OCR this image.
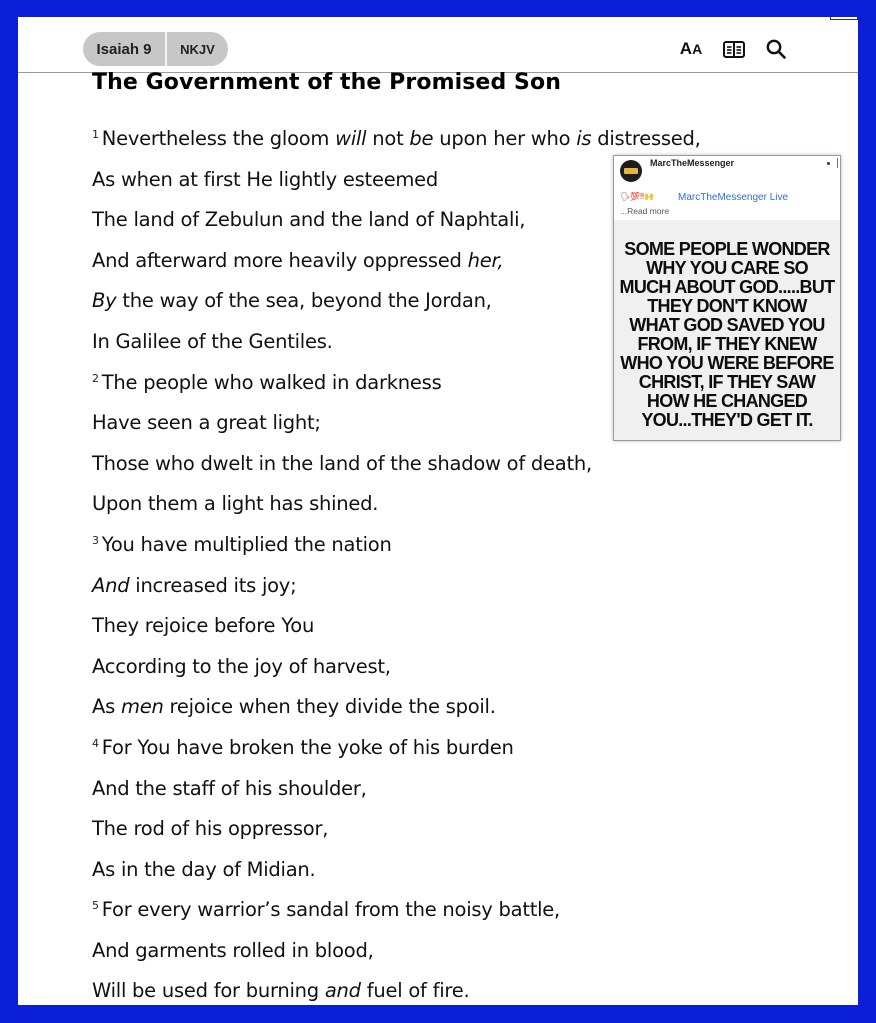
Isaiah 9	NKJV	A A
The Government of the Promised Son
$^1$ Nevertheless the gloom will not be upon her who is distressed,
As when at first He lightly esteemed
The land of Zebulun and the land of Naphtali,
And afterward more heavily oppressed her,
By the way of the sea, beyond the Jordan,
In Galilee of the Gentiles.
$^2$ The people who walked in darkness
Have seen a great light;
Those who dwelt in the land of the shadow of death,
Upon them a light has shined.
$^3$ You have multiplied the nation
And increased its joy;
They rejoice before You
According to the joy of harvest,
As men rejoice when they divide the spoil.
$^4$ For You have broken the yoke of his burden
And the staff of his shoulder,
The rod of his oppressor,
As in the day of Midian.
$^5$ For every warrior’s sandal from the noisy battle,
And garments rolled in blood,
Will be used for burning and fuel of fire.
MarcTheMessenger
🗣💯‼🙌 MarcTheMessenger Live
...Read more

SOME PEOPLE WONDER
WHY YOU CARE SO
MUCH ABOUT GOD.....BUT
THEY DON'T KNOW
WHAT GOD SAVED YOU
FROM, IF THEY KNEW
WHO YOU WERE BEFORE
CHRIST, IF THEY SAW
HOW HE CHANGED
YOU...THEY'D GET IT.
